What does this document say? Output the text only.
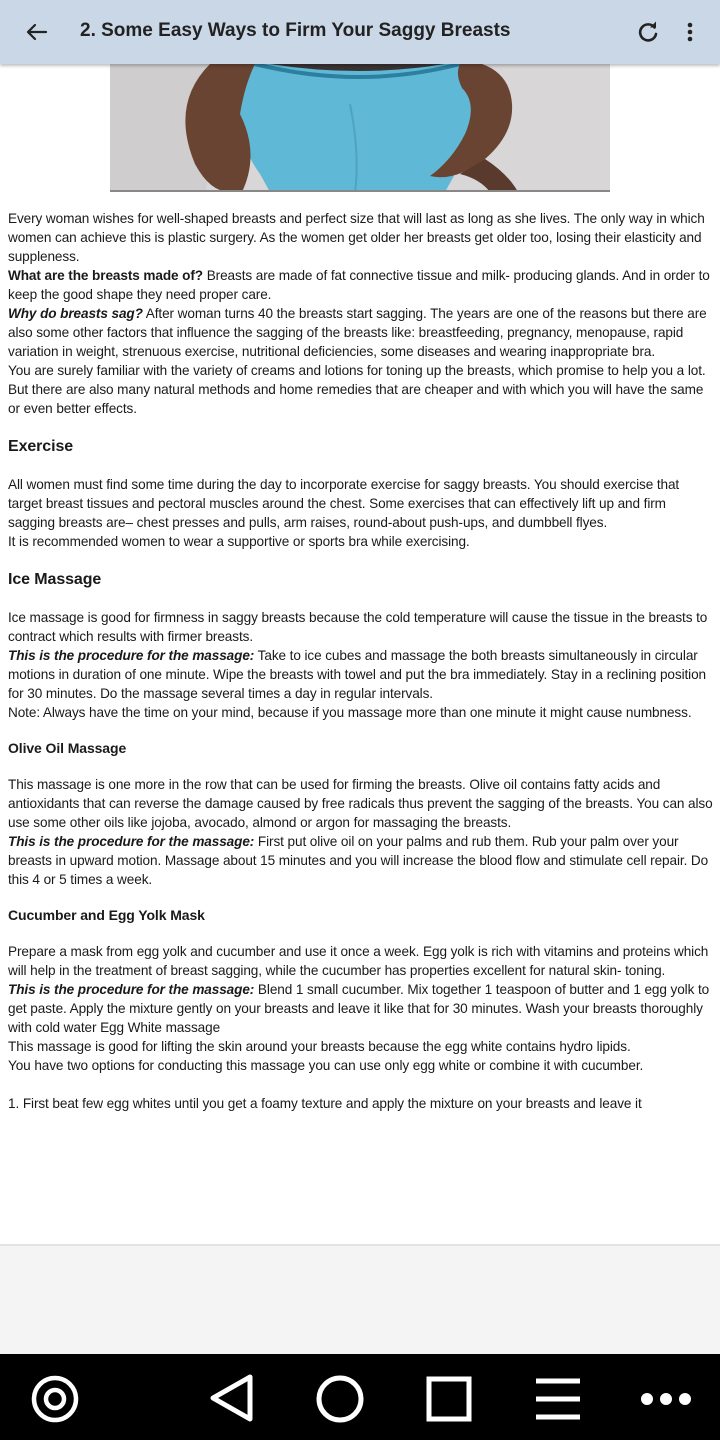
2. Some Easy Ways to Firm Your Saggy Breasts

Every woman wishes for well-shaped breasts and perfect size that will last as long as she lives. The only way in which women can achieve this is plastic surgery. As the women get older her breasts get older too, losing their elasticity and suppleness.

What are the breasts made of? Breasts are made of fat connective tissue and milk- producing glands. And in order to keep the good shape they need proper care.

Why do breasts sag? After woman turns 40 the breasts start sagging. The years are one of the reasons but there are also some other factors that influence the sagging of the breasts like: breastfeeding, pregnancy, menopause, rapid variation in weight, strenuous exercise, nutritional deficiencies, some diseases and wearing inappropriate bra.

You are surely familiar with the variety of creams and lotions for toning up the breasts, which promise to help you a lot. But there are also many natural methods and home remedies that are cheaper and with which you will have the same or even better effects.

Exercise

All women must find some time during the day to incorporate exercise for saggy breasts. You should exercise that target breast tissues and pectoral muscles around the chest. Some exercises that can effectively lift up and firm sagging breasts are– chest presses and pulls, arm raises, round-about push-ups, and dumbbell flyes.

It is recommended women to wear a supportive or sports bra while exercising.

Ice Massage

Ice massage is good for firmness in saggy breasts because the cold temperature will cause the tissue in the breasts to contract which results with firmer breasts.

This is the procedure for the massage: Take to ice cubes and massage the both breasts simultaneously in circular motions in duration of one minute. Wipe the breasts with towel and put the bra immediately. Stay in a reclining position for 30 minutes. Do the massage several times a day in regular intervals.

Note: Always have the time on your mind, because if you massage more than one minute it might cause numbness.

Olive Oil Massage

This massage is one more in the row that can be used for firming the breasts. Olive oil contains fatty acids and antioxidants that can reverse the damage caused by free radicals thus prevent the sagging of the breasts. You can also use some other oils like jojoba, avocado, almond or argon for massaging the breasts.

This is the procedure for the massage: First put olive oil on your palms and rub them. Rub your palm over your breasts in upward motion. Massage about 15 minutes and you will increase the blood flow and stimulate cell repair. Do this 4 or 5 times a week.

Cucumber and Egg Yolk Mask

Prepare a mask from egg yolk and cucumber and use it once a week. Egg yolk is rich with vitamins and proteins which will help in the treatment of breast sagging, while the cucumber has properties excellent for natural skin- toning.

This is the procedure for the massage: Blend 1 small cucumber. Mix together 1 teaspoon of butter and 1 egg yolk to get paste. Apply the mixture gently on your breasts and leave it like that for 30 minutes. Wash your breasts thoroughly with cold water Egg White massage

This massage is good for lifting the skin around your breasts because the egg white contains hydro lipids.

You have two options for conducting this massage you can use only egg white or combine it with cucumber.

1. First beat few egg whites until you get a foamy texture and apply the mixture on your breasts and leave it
